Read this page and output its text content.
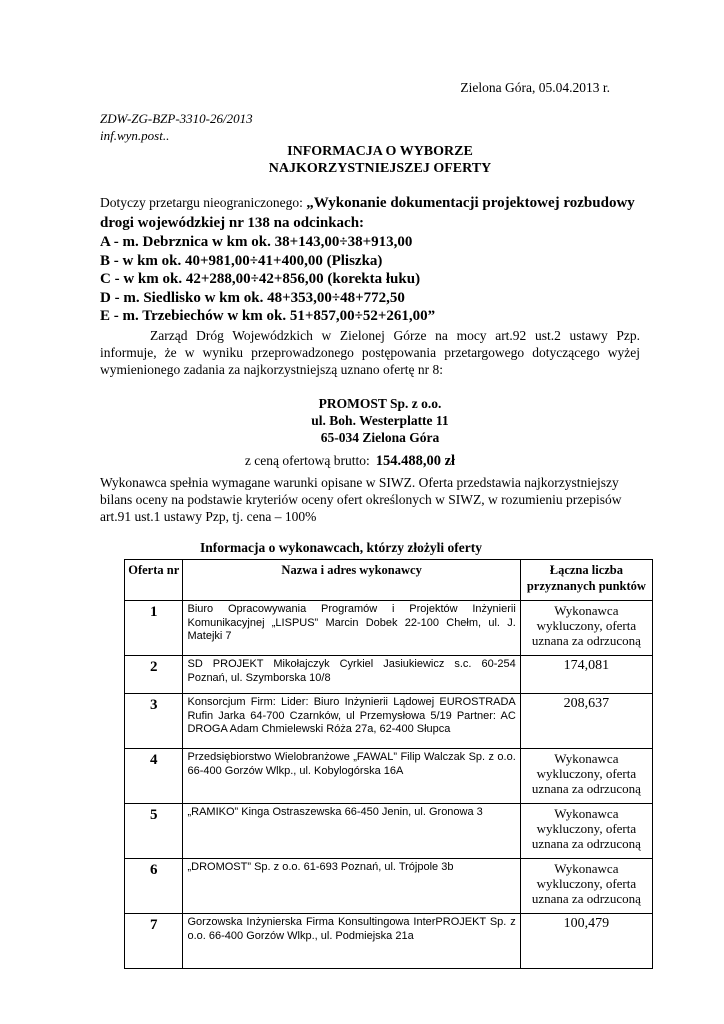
Zielona Góra, 05.04.2013 r.
ZDW-ZG-BZP-3310-26/2013
inf.wyn.post..
INFORMACJA O WYBORZE
NAJKORZYSTNIEJSZEJ OFERTY
Dotyczy przetargu nieograniczonego: „Wykonanie dokumentacji projektowej rozbudowy drogi wojewódzkiej nr 138 na odcinkach:
A - m. Debrznica w km ok. 38+143,00÷38+913,00
B - w km ok. 40+981,00÷41+400,00 (Pliszka)
C - w km ok. 42+288,00÷42+856,00 (korekta łuku)
D - m. Siedlisko w km ok. 48+353,00÷48+772,50
E - m. Trzebiechów w km ok. 51+857,00÷52+261,00”
Zarząd Dróg Wojewódzkich w Zielonej Górze na mocy art.92 ust.2 ustawy Pzp. informuje, że w wyniku przeprowadzonego postępowania przetargowego dotyczącego wyżej wymienionego zadania za najkorzystniejszą uznano ofertę nr 8:
PROMOST Sp. z o.o.
ul. Boh. Westerplatte 11
65-034 Zielona Góra
z ceną ofertową brutto: 154.488,00 zł
Wykonawca spełnia wymagane warunki opisane w SIWZ. Oferta przedstawia najkorzystniejszy bilans oceny na podstawie kryteriów oceny ofert określonych w SIWZ, w rozumieniu przepisów art.91 ust.1 ustawy Pzp, tj. cena – 100%
Informacja o wykonawcach, którzy złożyli oferty
Oferta nr	Nazwa i adres wykonawcy	Łączna liczba przyznanych punktów
1	Biuro Opracowywania Programów i Projektów Inżynierii Komunikacyjnej „LISPUS” Marcin Dobek 22-100 Chełm, ul. J. Matejki 7	Wykonawca wykluczony, oferta uznana za odrzuconą
2	SD PROJEKT Mikołajczyk Cyrkiel Jasiukiewicz s.c. 60-254 Poznań, ul. Szymborska 10/8	174,081
3	Konsorcjum Firm: Lider: Biuro Inżynierii Lądowej EUROSTRADA Rufin Jarka 64-700 Czarnków, ul Przemysłowa 5/19 Partner: AC DROGA Adam Chmielewski Róża 27a, 62-400 Słupca	208,637
4	Przedsiębiorstwo Wielobranżowe „FAWAL” Filip Walczak Sp. z o.o. 66-400 Gorzów Wlkp., ul. Kobylogórska 16A	Wykonawca wykluczony, oferta uznana za odrzuconą
5	„RAMIKO” Kinga Ostraszewska 66-450 Jenin, ul. Gronowa 3	Wykonawca wykluczony, oferta uznana za odrzuconą
6	„DROMOST” Sp. z o.o. 61-693 Poznań, ul. Trójpole 3b	Wykonawca wykluczony, oferta uznana za odrzuconą
7	Gorzowska Inżynierska Firma Konsultingowa InterPROJEKT Sp. z o.o. 66-400 Gorzów Wlkp., ul. Podmiejska 21a	100,479
